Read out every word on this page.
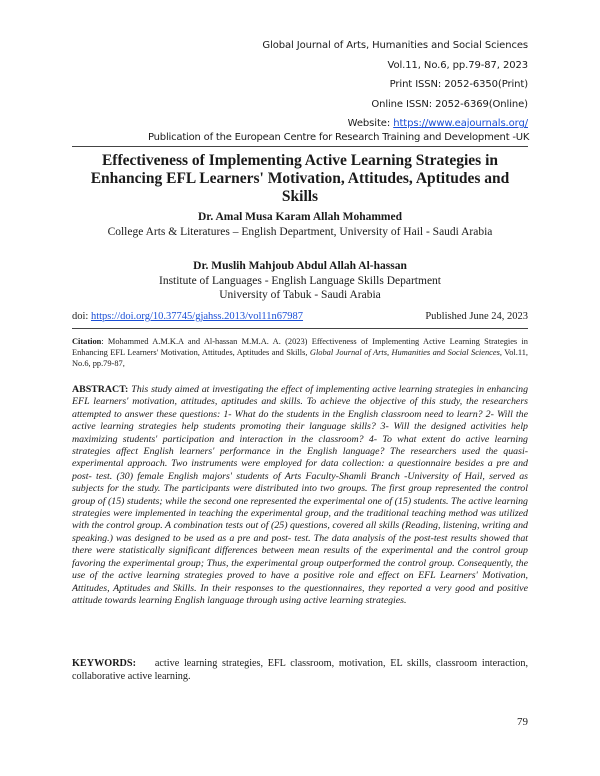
Global Journal of Arts, Humanities and Social Sciences
Vol.11, No.6, pp.79-87, 2023
Print ISSN: 2052-6350(Print)
Online ISSN: 2052-6369(Online)
Website: https://www.eajournals.org/
Publication of the European Centre for Research Training and Development -UK
Effectiveness of Implementing Active Learning Strategies in Enhancing EFL Learners' Motivation, Attitudes, Aptitudes and Skills
Dr. Amal Musa Karam Allah Mohammed
College Arts & Literatures – English Department, University of Hail - Saudi Arabia
Dr. Muslih Mahjoub Abdul Allah Al-hassan
Institute of Languages - English Language Skills Department
University of Tabuk - Saudi Arabia
doi: https://doi.org/10.37745/gjahss.2013/vol11n67987	Published June 24, 2023
Citation: Mohammed A.M.K.A and Al-hassan M.M.A. A. (2023) Effectiveness of Implementing Active Learning Strategies in Enhancing EFL Learners' Motivation, Attitudes, Aptitudes and Skills, Global Journal of Arts, Humanities and Social Sciences, Vol.11, No.6, pp.79-87,
ABSTRACT: This study aimed at investigating the effect of implementing active learning strategies in enhancing EFL learners' motivation, attitudes, aptitudes and skills. To achieve the objective of this study, the researchers attempted to answer these questions: 1- What do the students in the English classroom need to learn? 2- Will the active learning strategies help students promoting their language skills? 3- Will the designed activities help maximizing students' participation and interaction in the classroom? 4- To what extent do active learning strategies affect English learners' performance in the English language? The researchers used the quasi- experimental approach. Two instruments were employed for data collection: a questionnaire besides a pre and post- test. (30) female English majors' students of Arts Faculty-Shamli Branch -University of Hail, served as subjects for the study. The participants were distributed into two groups. The first group represented the control group of (15) students; while the second one represented the experimental one of (15) students. The active learning strategies were implemented in teaching the experimental group, and the traditional teaching method was utilized with the control group. A combination tests out of (25) questions, covered all skills (Reading, listening, writing and speaking.) was designed to be used as a pre and post- test. The data analysis of the post-test results showed that there were statistically significant differences between mean results of the experimental and the control group favoring the experimental group; Thus, the experimental group outperformed the control group. Consequently, the use of the active learning strategies proved to have a positive role and effect on EFL Learners' Motivation, Attitudes, Aptitudes and Skills. In their responses to the questionnaires, they reported a very good and positive attitude towards learning English language through using active learning strategies.
KEYWORDS: active learning strategies, EFL classroom, motivation, EL skills, classroom interaction, collaborative active learning.
79
